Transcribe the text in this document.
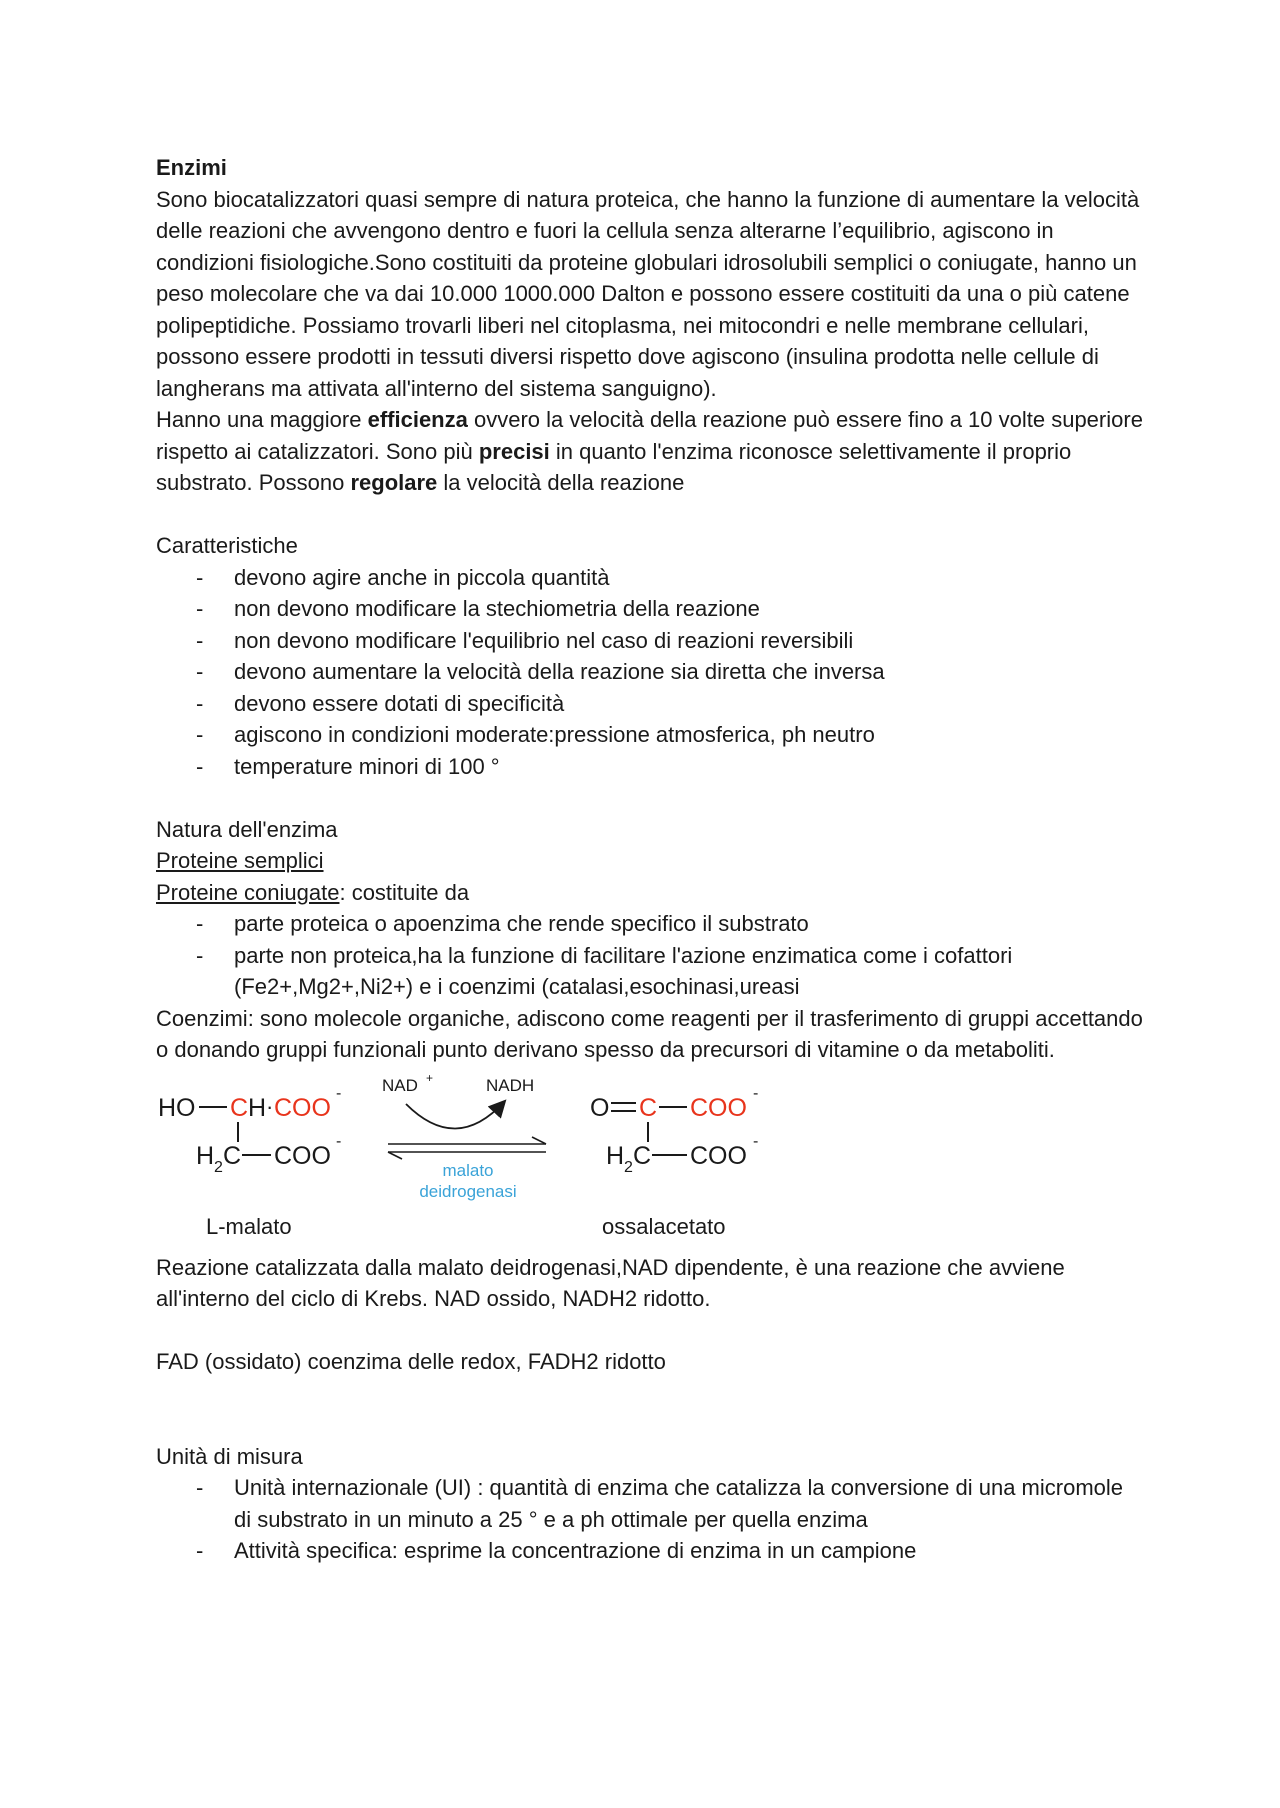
Enzimi

Sono biocatalizzatori quasi sempre di natura proteica, che hanno la funzione di aumentare la velocità delle reazioni che avvengono dentro e fuori la cellula senza alterarne l’equilibrio, agiscono in condizioni fisiologiche.Sono costituiti da proteine globulari idrosolubili semplici o coniugate, hanno un peso molecolare che va dai 10.000 1000.000 Dalton e possono essere costituiti da una o più catene polipeptidiche. Possiamo trovarli liberi nel citoplasma, nei mitocondri e nelle membrane cellulari, possono essere prodotti in tessuti diversi rispetto dove agiscono (insulina prodotta nelle cellule di langherans ma attivata all'interno del sistema sanguigno).

Hanno una maggiore efficienza ovvero la velocità della reazione può essere fino a 10 volte superiore rispetto ai catalizzatori. Sono più precisi in quanto l'enzima riconosce selettivamente il proprio substrato. Possono regolare la velocità della reazione

Caratteristiche

- devono agire anche in piccola quantità
- non devono modificare la stechiometria della reazione
- non devono modificare l'equilibrio nel caso di reazioni reversibili
- devono aumentare la velocità della reazione sia diretta che inversa
- devono essere dotati di specificità
- agiscono in condizioni moderate:pressione atmosferica, ph neutro
- temperature minori di 100 °

Natura dell'enzima

Proteine semplici

Proteine coniugate: costituite da

- parte proteica o apoenzima che rende specifico il substrato
- parte non proteica,ha la funzione di facilitare l'azione enzimatica come i cofattori (Fe2+,Mg2+,Ni2+) e i coenzimi (catalasi,esochinasi,ureasi

Coenzimi: sono molecole organiche, adiscono come reagenti per il trasferimento di gruppi accettando o donando gruppi funzionali punto derivano spesso da precursori di vitamine o da metaboliti.

HO C H · COO
-
H 2 C COO
-
NAD +	NADH
malato
deidrogenasi
O C COO
-
H 2 C COO
-
L-malato	ossalacetato

Reazione catalizzata dalla malato deidrogenasi,NAD dipendente, è una reazione che avviene all'interno del ciclo di Krebs. NAD ossido, NADH2 ridotto.

FAD (ossidato) coenzima delle redox, FADH2 ridotto

Unità di misura

- Unità internazionale (UI) : quantità di enzima che catalizza la conversione di una micromole di substrato in un minuto a 25 ° e a ph ottimale per quella enzima
- Attività specifica: esprime la concentrazione di enzima in un campione
